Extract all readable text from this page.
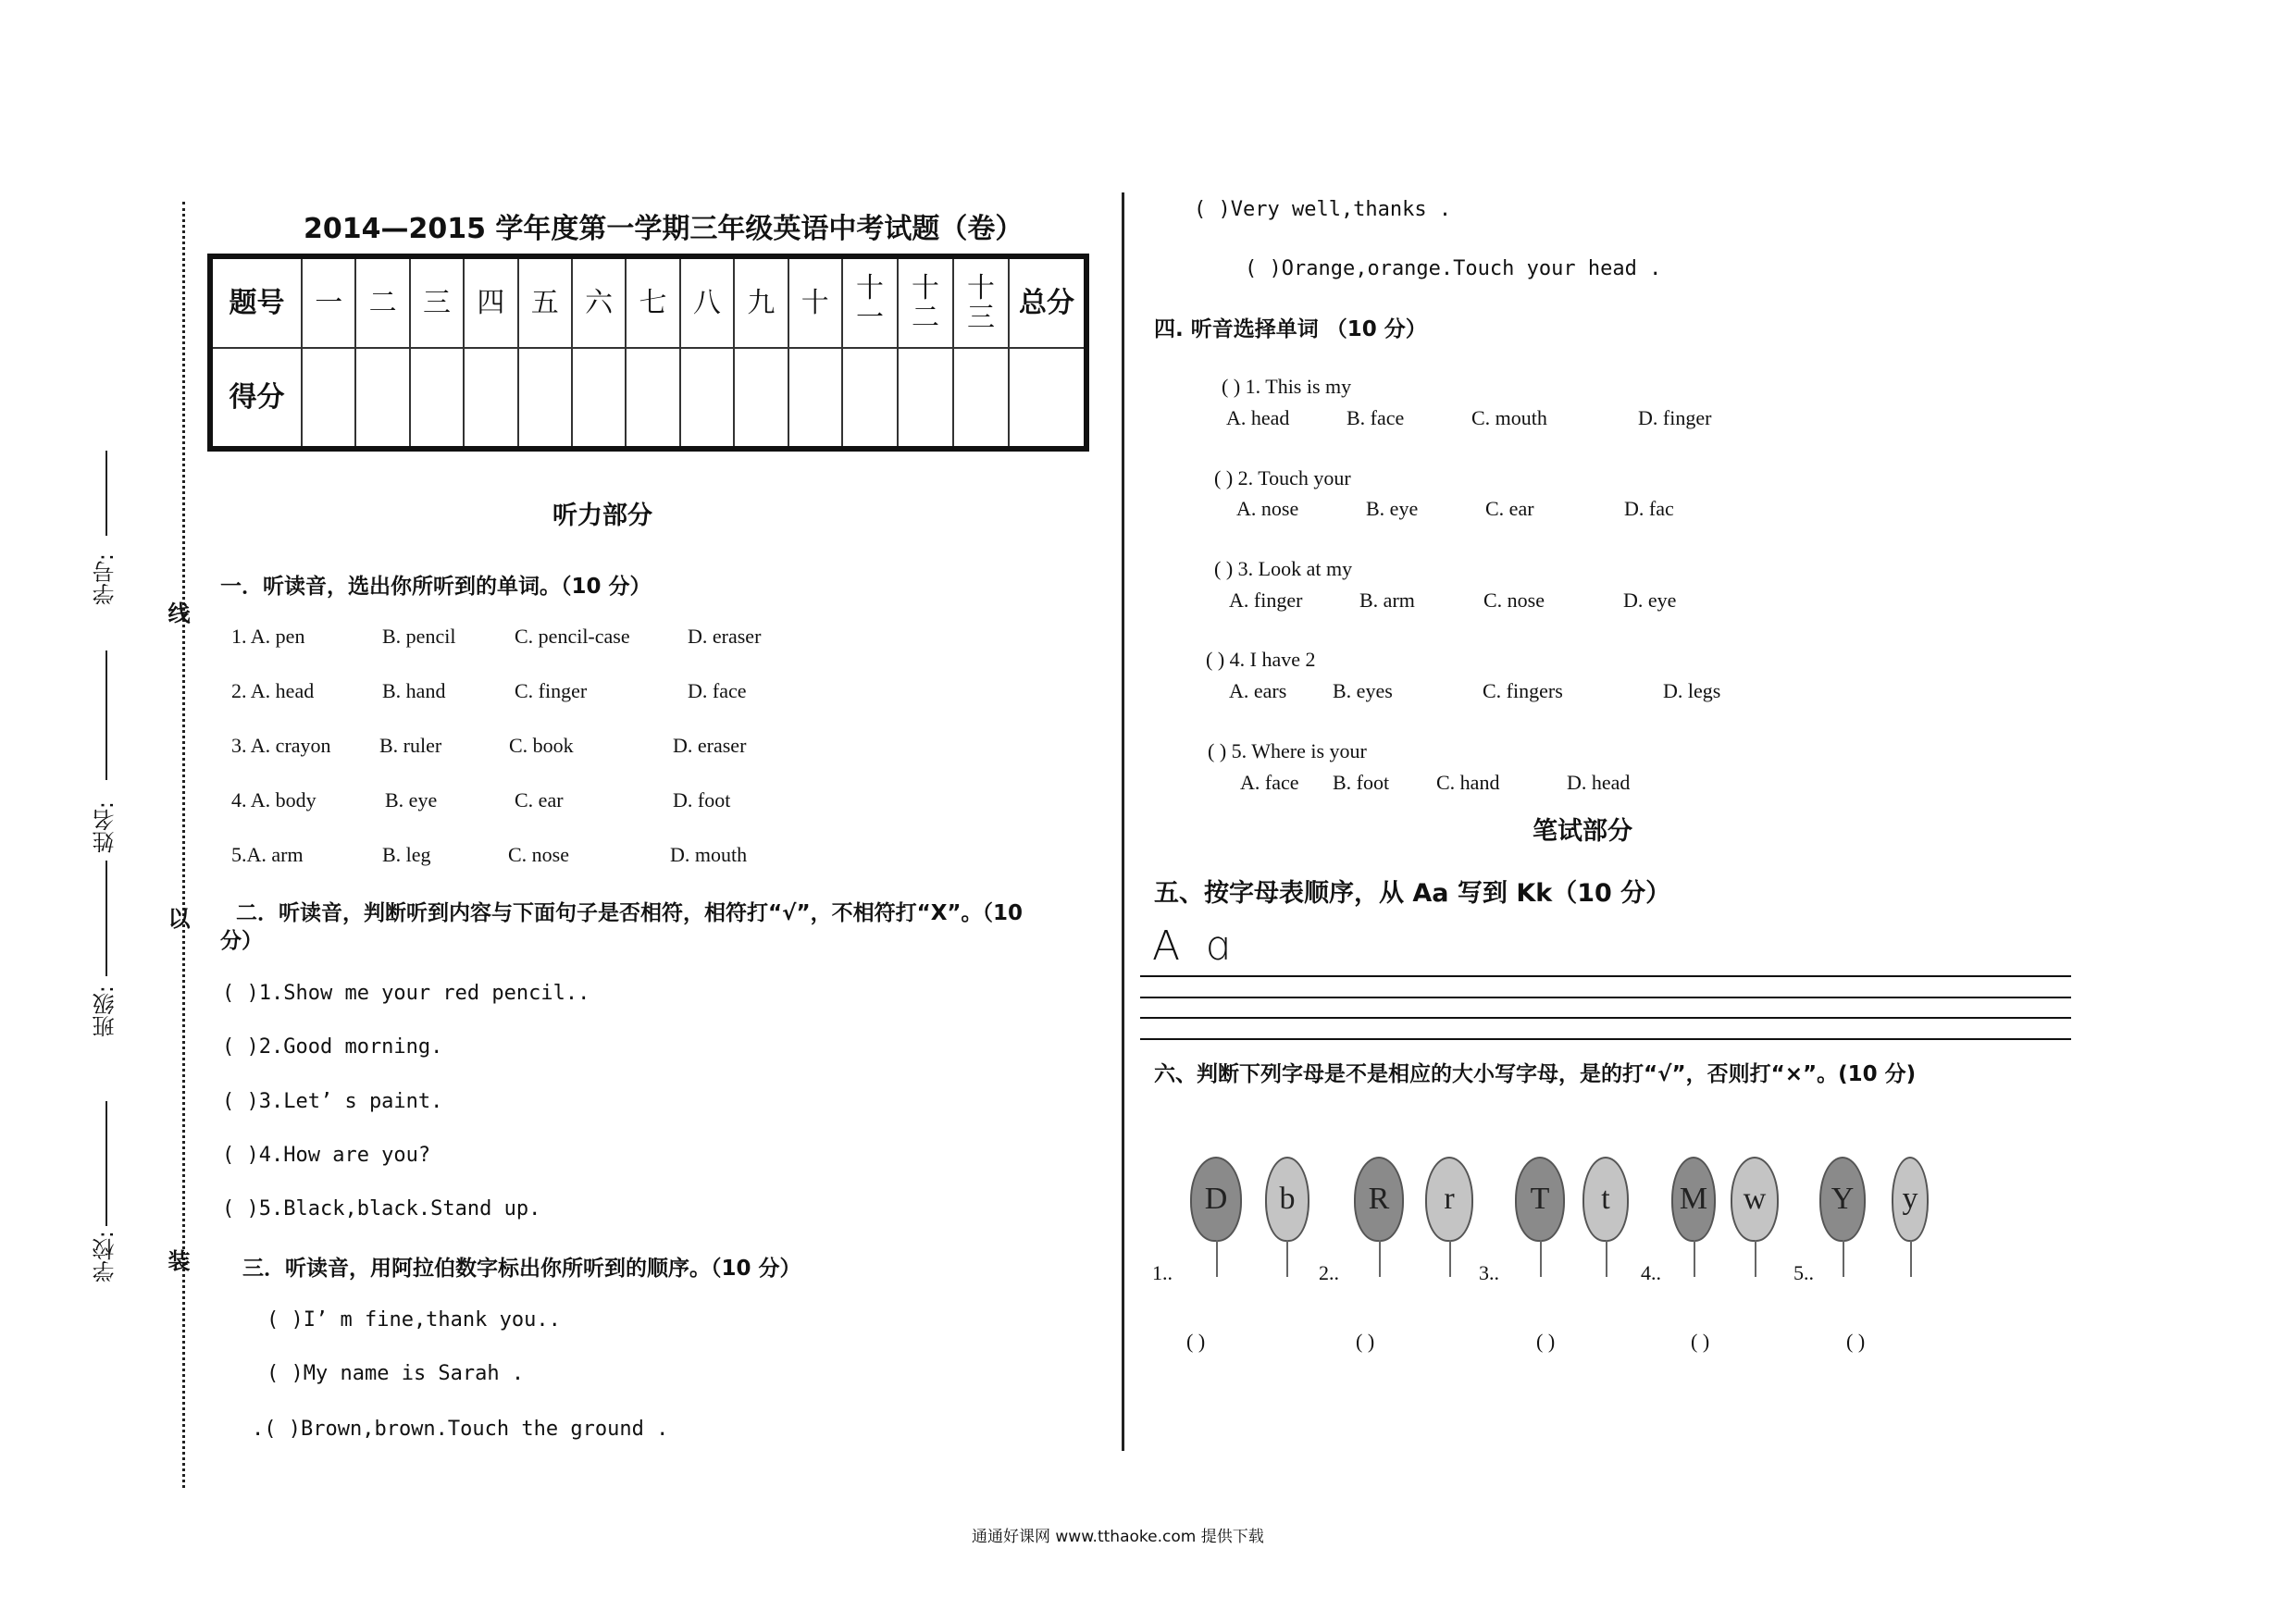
学号:
姓名:
班级:
学校:
线
以
装
2014—2015 学年度第一学期三年级英语中考试题（卷）
题号	一	二	三	四	五	六	七	八	九	十	十一	十二	十三	总分
得分														
听力部分
一．听读音，选出你所听到的单词。（10 分）
1. A. pen	B. pencil	C. pencil-case	D. eraser
2. A. head	B. hand	C. finger	D. face
3. A. crayon B. ruler	C. book	D. eraser
4. A. body	B. eye	C. ear	D. foot
5.A. arm	B. leg	C. nose	D. mouth
二．听读音，判断听到内容与下面句子是否相符，相符打“√”，不相符打“X”。（10
分）
( )1.Show me your red pencil..
( )2.Good morning.
( )3.Let’ s paint.
( )4.How are you?
( )5.Black,black.Stand up.
三．听读音，用阿拉伯数字标出你所听到的顺序。（10 分）
( )I’ m fine,thank you..
( )My name is Sarah .
.( )Brown,brown.Touch the ground .
( )Very well,thanks .
( )Orange,orange.Touch your head .
四. 听音选择单词 （10 分）
( ) 1. This is my
A. head	B. face	C. mouth	D. finger
( ) 2. Touch your
A. nose	B. eye	C. ear	D. fac
( ) 3. Look at my
A. finger	B. arm	C. nose	D. eye
( ) 4. I have 2
A. ears B. eyes	C. fingers	D. legs
( ) 5. Where is your
A. face B. foot C. hand	D. head
笔试部分
五、按字母表顺序，从 Aa 写到 Kk（10 分）
A ɑ
六、判断下列字母是不是相应的大小写字母，是的打“√”，否则打“×”。(10 分)
D	b
1..
( )
R	r
2..
( )
T	t
3..
( )
M	w
4..
( )
Y	y
5..
( )
通通好课网 www.tthaoke.com 提供下载
